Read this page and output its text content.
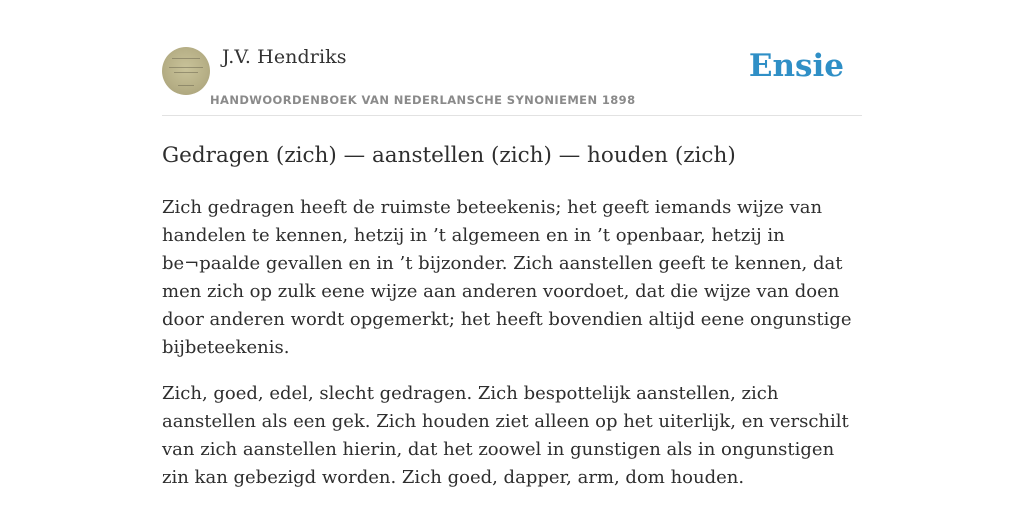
J.V. Hendriks
HANDWOORDENBOEK VAN NEDERLANSCHE SYNONIEMEN 1898
Ensie
Gedragen (zich) — aanstellen (zich) — houden (zich)

Zich gedragen heeft de ruimste beteekenis; het geeft iemands wijze van handelen te kennen, hetzij in ’t algemeen en in ’t openbaar, hetzij in be¬paalde gevallen en in ’t bijzonder. Zich aanstellen geeft te kennen, dat men zich op zulk eene wijze aan anderen voordoet, dat die wijze van doen door anderen wordt opgemerkt; het heeft bovendien altijd eene ongunstige bijbeteekenis.

Zich, goed, edel, slecht gedragen. Zich bespottelijk aanstellen, zich aanstellen als een gek. Zich houden ziet alleen op het uiterlijk, en verschilt van zich aanstellen hierin, dat het zoowel in gunstigen als in ongunstigen zin kan gebezigd worden. Zich goed, dapper, arm, dom houden.
